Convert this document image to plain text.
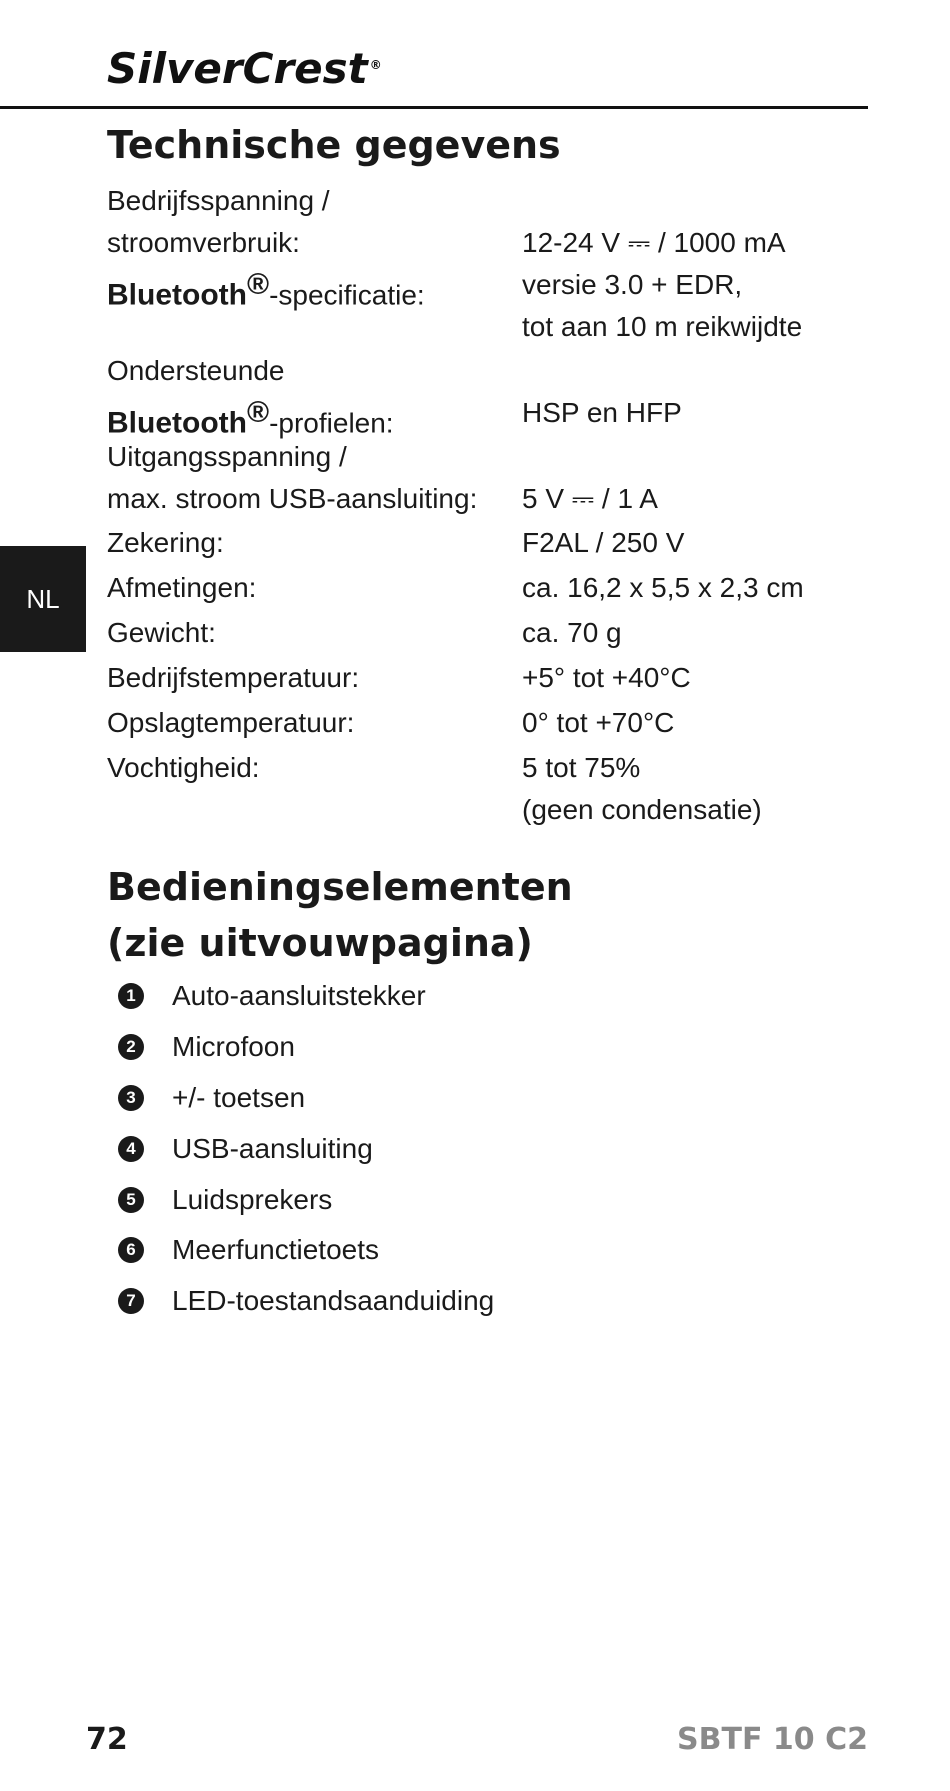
SilverCrest ®
Technische gegevens
Bedrijfsspanning /
stroomverbruik:	12-24 V ⎓ / 1000 mA
Bluetooth®-specificatie:	versie 3.0 + EDR,
tot aan 10 m reikwijdte
Ondersteunde
Bluetooth®-profielen:	HSP en HFP
Uitgangsspanning /
max. stroom USB-aansluiting: 5 V ⎓ / 1 A
Zekering:	F2AL / 250 V
Afmetingen:	ca. 16,2 x 5,5 x 2,3 cm
Gewicht:	ca. 70 g
Bedrijfstemperatuur:	+5° tot +40°C
Opslagtemperatuur:	0° tot +70°C
Vochtigheid:	5 tot 75%
(geen condensatie)
NL
Bedieningselementen
(zie uitvouwpagina)
1 Auto-aansluitstekker
2 Microfoon
3 +/- toetsen
4 USB-aansluiting
5 Luidsprekers
6 Meerfunctietoets
7 LED-toestandsaanduiding
72	SBTF 10 C2
